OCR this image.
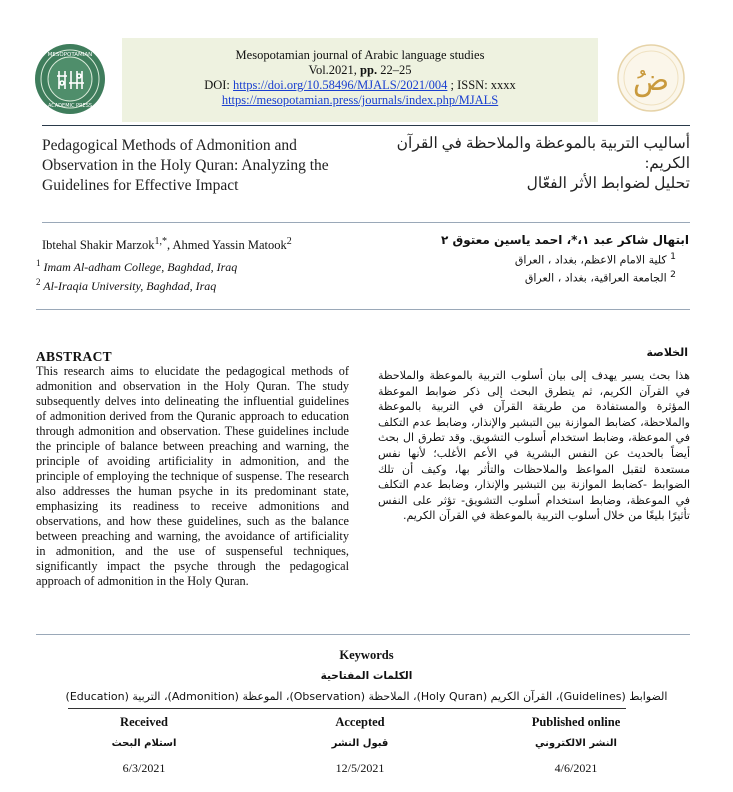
MESOPOTAMIAN
ACADEMIC PRESS
Mesopotamian journal of Arabic language studies
Vol.2021, pp. 22–25
DOI: https://doi.org/10.58496/MJALS/2021/004 ; ISSN: xxxx
https://mesopotamian.press/journals/index.php/MJALS
ضُ
Pedagogical Methods of Admonition and
Observation in the Holy Quran: Analyzing the
Guidelines for Effective Impact
أساليب التربية بالموعظة والملاحظة في القرآن الكريم:
تحليل لضوابط الأثر الفعّال
Ibtehal Shakir Marzok$^{1,*}$, Ahmed Yassin Matook$^2$
$^1$ Imam Al-adham College, Baghdad, Iraq
$^2$ Al-Iraqia University, Baghdad, Iraq
ابتهال شاكر عبد ١،*، احمد ياسين معتوق ٢
$^1$ كلية الامام الاعظم، بغداد ، العراق
$^2$ الجامعة العراقية، بغداد ، العراق
ABSTRACT
This research aims to elucidate the pedagogical methods of admonition and observation in the Holy Quran. The study subsequently delves into delineating the influential guidelines of admonition derived from the Quranic approach to education through admonition and observation. These guidelines include the principle of balance between preaching and warning, the principle of avoiding artificiality in admonition, and the principle of employing the technique of suspense. The research also addresses the human psyche in its predominant state, emphasizing its readiness to receive admonitions and observations, and how these guidelines, such as the balance between preaching and warning, the avoidance of artificiality in admonition, and the use of suspenseful techniques, significantly impact the psyche through the pedagogical approach of admonition in the Holy Quran.
الخلاصة
هذا بحث يسير يهدف إلى بيان أسلوب التربية بالموعظة والملاحظة في القرآن الكريم، ثم يتطرق البحث إلى ذكر ضوابط الموعظة المؤثرة والمستفادة من طريقة القرآن في التربية بالموعظة والملاحظة، كضابط الموازنة بين التبشير والإنذار، وضابط عدم التكلف في الموعظة، وضابط استخدام أسلوب التشويق. وقد تطرق ال بحث أيضاً بالحديث عن النفس البشرية في الأعم الأغلب؛ لأنها نفس مستعدة لتقبل المواعظ والملاحظات والتأثر بها، وكيف أن تلك الضوابط -كضابط الموازنة بين التبشير والإنذار، وضابط عدم التكلف في الموعظة، وضابط استخدام أسلوب التشويق- تؤثر على النفس تأثيرًا بليغًا من خلال أسلوب التربية بالموعظة في القرآن الكريم.
Keywords
الكلمات المفتاحية
الضوابط (Guidelines)، القرآن الكريم (Holy Quran)، الملاحظة (Observation)، الموعظة (Admonition)، التربية (Education)
Received	Accepted	Published online
استلام البحث	قبول النشر	النشر الالكتروني
6/3/2021	12/5/2021	4/6/2021
